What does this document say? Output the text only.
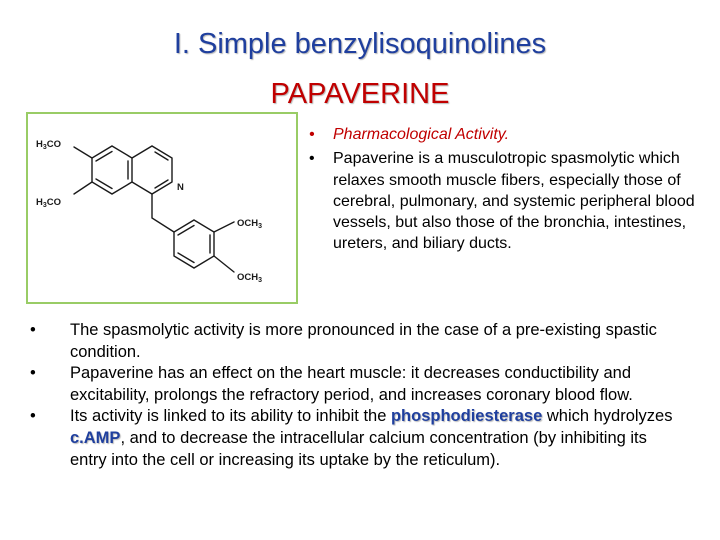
I. Simple benzylisoquinolines
PAPAVERINE
$H_3CO$
$H_3CO$
N
$OCH_3$
$OCH_3$
• Pharmacological Activity.
• Papaverine is a musculotropic spasmolytic which relaxes smooth muscle fibers, especially those of cerebral, pulmonary, and systemic peripheral blood vessels, but also those of the bronchia, intestines, ureters, and biliary ducts.
• The spasmolytic activity is more pronounced in the case of a pre-existing spastic condition.
• Papaverine has an effect on the heart muscle: it decreases conductibility and excitability, prolongs the refractory period, and increases coronary blood flow.
• Its activity is linked to its ability to inhibit the phosphodiesterase which hydrolyzes c.AMP, and to decrease the intracellular calcium concentration (by inhibiting its entry into the cell or increasing its uptake by the reticulum).
